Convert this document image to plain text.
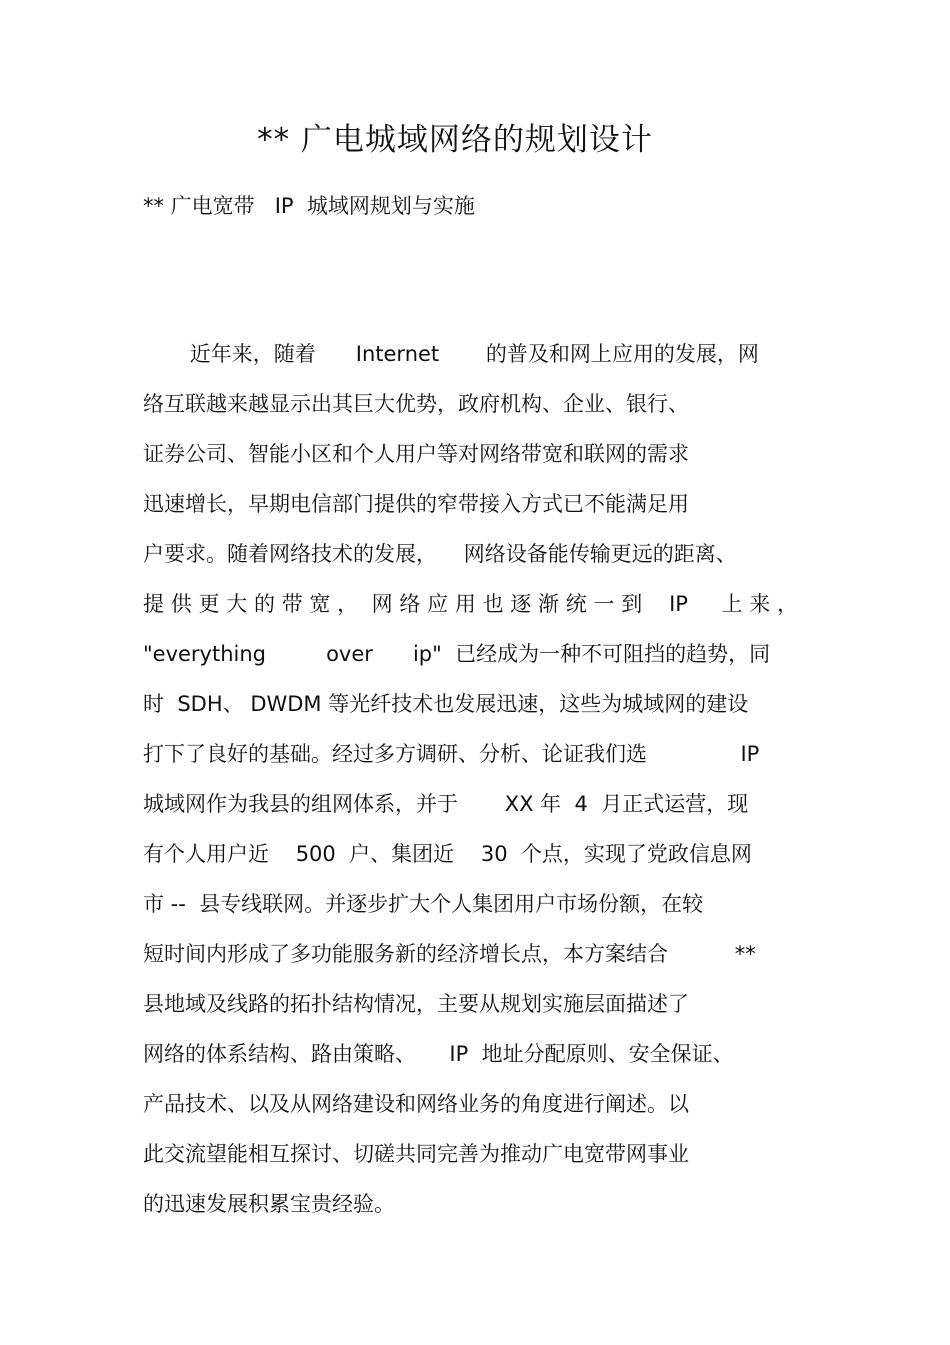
** 广电城域网络的规划设计
** 广电宽带   IP  城域网规划与实施
近年来，随着      Internet       的普及和网上应用的发展，网
络互联越来越显示出其巨大优势，政府机构、企业、银行、
证券公司、智能小区和个人用户等对网络带宽和联网的需求
迅速增长，早期电信部门提供的窄带接入方式已不能满足用
户要求。随着网络技术的发展，    网络设备能传输更远的距离、
提 供 更 大 的 带 宽 ，  网 络 应 用 也 逐 渐 统 一 到    IP     上 来 ，
"everything         over      ip"  已经成为一种不可阻挡的趋势，同
时  SDH、 DWDM 等光纤技术也发展迅速，这些为城域网的建设
打下了良好的基础。经过多方调研、分析、论证我们选              IP
城域网作为我县的组网体系，并于       XX 年  4  月正式运营，现
有个人用户近    500  户、集团近    30  个点，实现了党政信息网
市 --  县专线联网。并逐步扩大个人集团用户市场份额，在较
短时间内形成了多功能服务新的经济增长点，本方案结合          **
县地域及线路的拓扑结构情况，主要从规划实施层面描述了
网络的体系结构、路由策略、     IP  地址分配原则、安全保证、
产品技术、以及从网络建设和网络业务的角度进行阐述。以
此交流望能相互探讨、切磋共同完善为推动广电宽带网事业
的迅速发展积累宝贵经验。
